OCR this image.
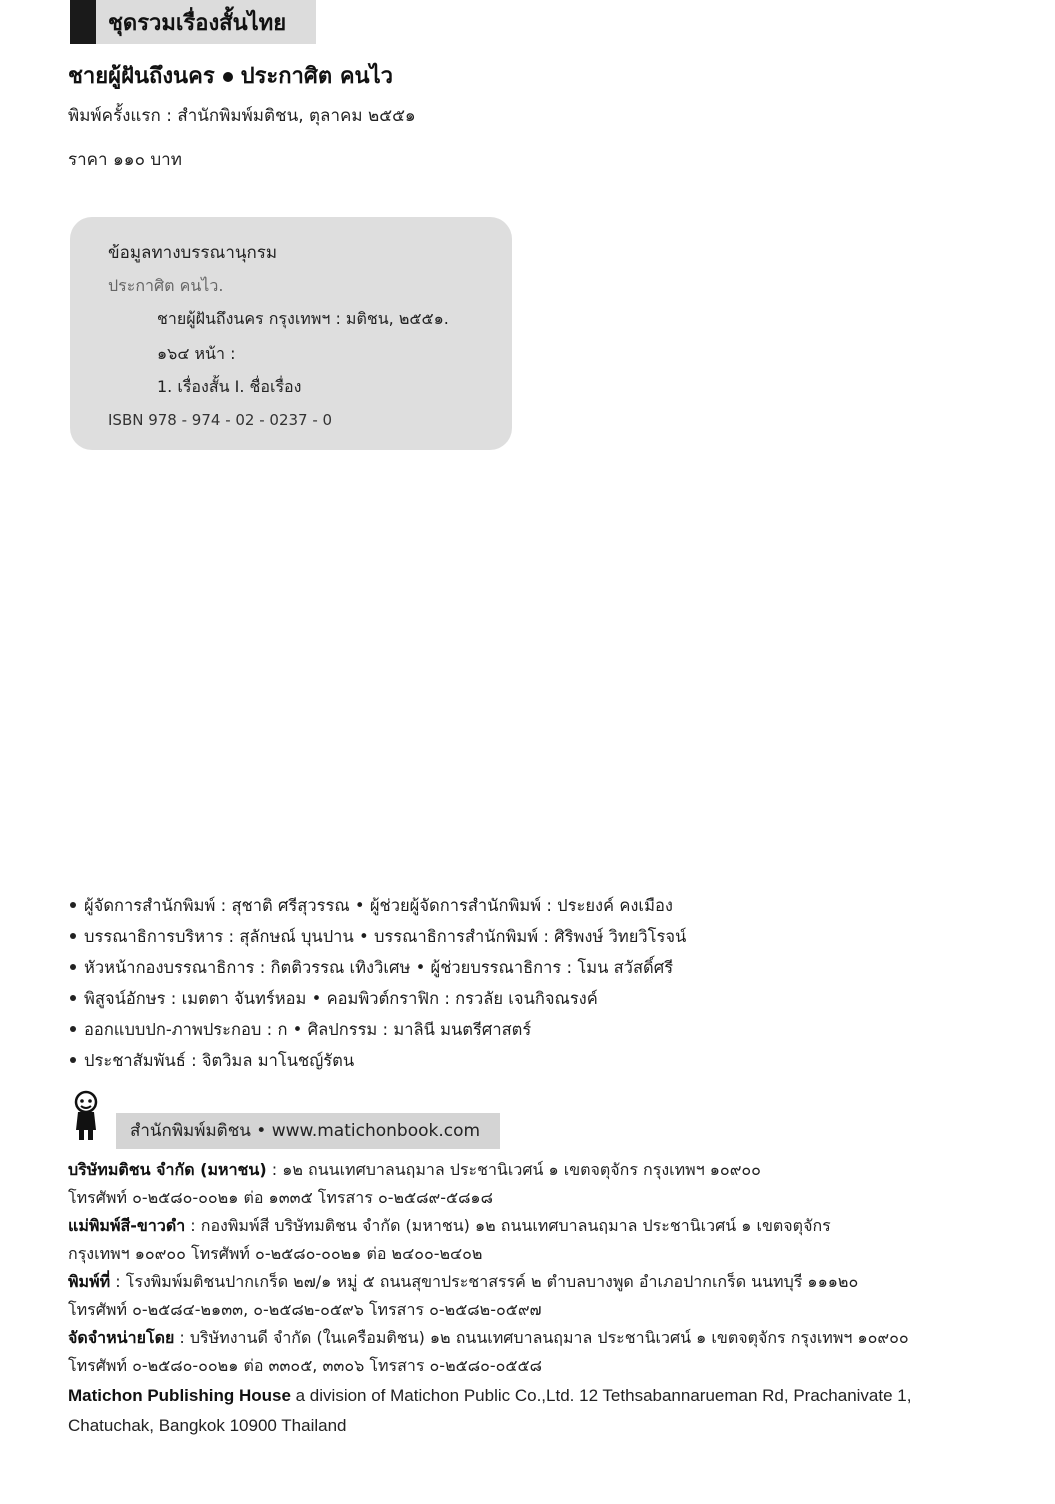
ชุดรวมเรื่องสั้นไทย
ชายผู้ฝันถึงนคร ประกาศิต คนไว
พิมพ์ครั้งแรก : สำนักพิมพ์มติชน, ตุลาคม ๒๕๕๑
ราคา ๑๑๐ บาท
ข้อมูลทางบรรณานุกรม
ประกาศิต คนไว.
ชายผู้ฝันถึงนคร กรุงเทพฯ : มติชน, ๒๕๕๑.
๑๖๔ หน้า :
1. เรื่องสั้น I. ชื่อเรื่อง
ISBN 978 - 974 - 02 - 0237 - 0
ผู้จัดการสำนักพิมพ์ : สุชาติ ศรีสุวรรณ • ผู้ช่วยผู้จัดการสำนักพิมพ์ : ประยงค์ คงเมือง
บรรณาธิการบริหาร : สุลักษณ์ บุนปาน • บรรณาธิการสำนักพิมพ์ : ศิริพงษ์ วิทยวิโรจน์
หัวหน้ากองบรรณาธิการ : กิตติวรรณ เทิงวิเศษ • ผู้ช่วยบรรณาธิการ : โมน สวัสดิ์ศรี
พิสูจน์อักษร : เมตตา จันทร์หอม • คอมพิวต์กราฟิก : กรวลัย เจนกิจณรงค์
ออกแบบปก-ภาพประกอบ : ก • ศิลปกรรม : มาลินี มนตรีศาสตร์
ประชาสัมพันธ์ : จิตวิมล มาโนชญ์รัตน
สำนักพิมพ์มติชน • www.matichonbook.com
บริษัทมติชน จำกัด (มหาชน) : ๑๒ ถนนเทศบาลนฤมาล ประชานิเวศน์ ๑ เขตจตุจักร กรุงเทพฯ ๑๐๙๐๐
โทรศัพท์ ๐-๒๕๘๐-๐๐๒๑ ต่อ ๑๓๓๕ โทรสาร ๐-๒๕๘๙-๕๘๑๘
แม่พิมพ์สี-ขาวดำ : กองพิมพ์สี บริษัทมติชน จำกัด (มหาชน) ๑๒ ถนนเทศบาลนฤมาล ประชานิเวศน์ ๑ เขตจตุจักร
กรุงเทพฯ ๑๐๙๐๐ โทรศัพท์ ๐-๒๕๘๐-๐๐๒๑ ต่อ ๒๔๐๐-๒๔๐๒
พิมพ์ที่ : โรงพิมพ์มติชนปากเกร็ด ๒๗/๑ หมู่ ๕ ถนนสุขาประชาสรรค์ ๒ ตำบลบางพูด อำเภอปากเกร็ด นนทบุรี ๑๑๑๒๐
โทรศัพท์ ๐-๒๕๘๔-๒๑๓๓, ๐-๒๕๘๒-๐๕๙๖ โทรสาร ๐-๒๕๘๒-๐๕๙๗
จัดจำหน่ายโดย : บริษัทงานดี จำกัด (ในเครือมติชน) ๑๒ ถนนเทศบาลนฤมาล ประชานิเวศน์ ๑ เขตจตุจักร กรุงเทพฯ ๑๐๙๐๐
โทรศัพท์ ๐-๒๕๘๐-๐๐๒๑ ต่อ ๓๓๐๕, ๓๓๐๖ โทรสาร ๐-๒๕๘๐-๐๕๕๘
Matichon Publishing House a division of Matichon Public Co.,Ltd. 12 Tethsabannarueman Rd, Prachanivate 1,
Chatuchak, Bangkok 10900 Thailand
